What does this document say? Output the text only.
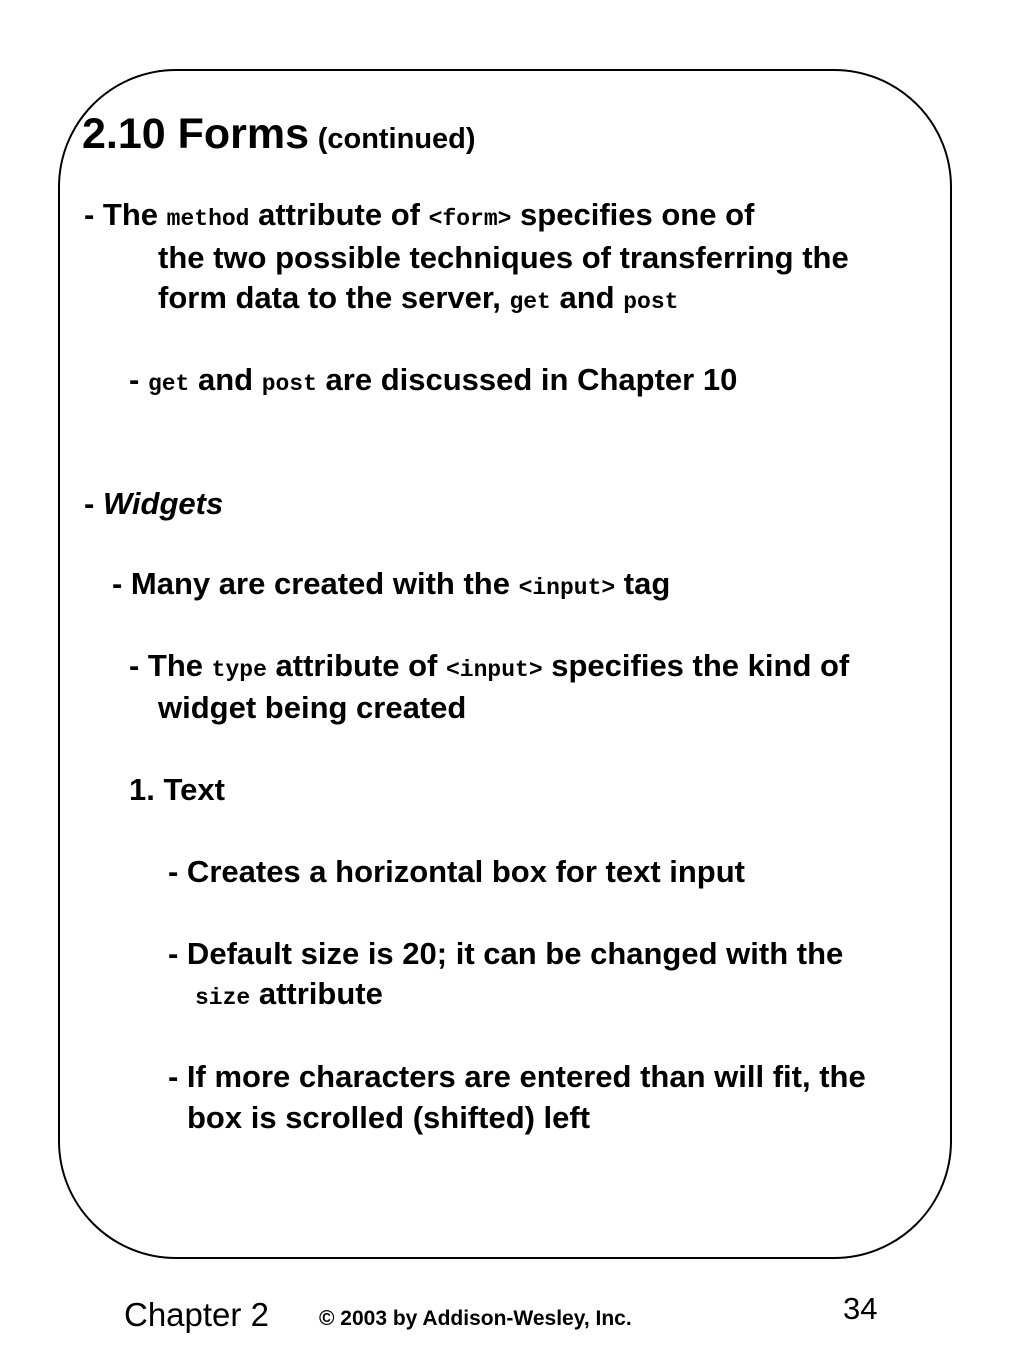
2.10 Forms (continued)
- The method attribute of <form> specifies one of
the two possible techniques of transferring the
form data to the server, get and post
- get and post are discussed in Chapter 10
- Widgets
- Many are created with the <input> tag
- The type attribute of <input> specifies the kind of
widget being created
1. Text
- Creates a horizontal box for text input
- Default size is 20; it can be changed with the
size attribute
- If more characters are entered than will fit, the
box is scrolled (shifted) left
Chapter 2 © 2003 by Addison-Wesley, Inc.	34
